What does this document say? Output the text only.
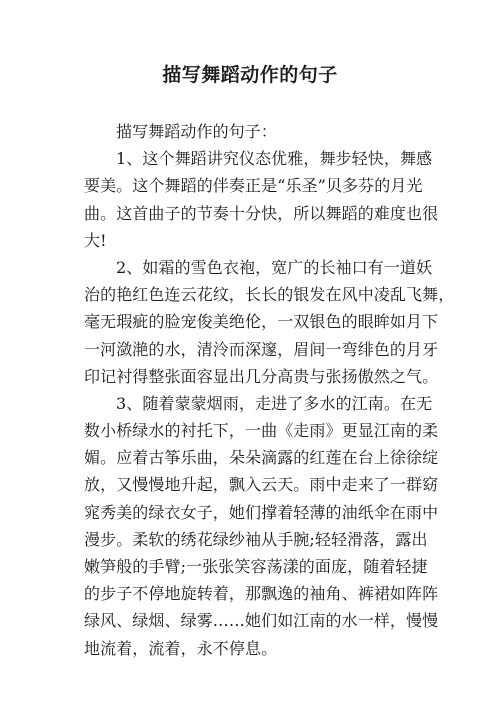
描写舞蹈动作的句子
描写舞蹈动作的句子：
1、这个舞蹈讲究仪态优雅，舞步轻快，舞感
要美。这个舞蹈的伴奏正是“乐圣”贝多芬的月光
曲。这首曲子的节奏十分快，所以舞蹈的难度也很
大!
2、如霜的雪色衣袍，宽广的长袖口有一道妖
治的艳红色连云花纹，长长的银发在风中凌乱飞舞，
毫无瑕疵的脸宠俊美绝伦，一双银色的眼眸如月下
一河潋滟的水，清泠而深邃，眉间一弯绯色的月牙
印记衬得整张面容显出几分高贵与张扬傲然之气。
3、随着蒙蒙烟雨，走进了多水的江南。在无
数小桥绿水的衬托下，一曲《走雨》更显江南的柔
媚。应着古筝乐曲，朵朵滴露的红莲在台上徐徐绽
放，又慢慢地升起，飘入云天。雨中走来了一群窈
窕秀美的绿衣女子，她们撑着轻薄的油纸伞在雨中
漫步。柔软的绣花绿纱袖从手腕;轻轻滑落，露出
嫩笋般的手臂;一张张笑容荡漾的面庞，随着轻捷
的步子不停地旋转着，那飘逸的袖角、裤裙如阵阵
绿风、绿烟、绿雾……她们如江南的水一样，慢慢
地流着，流着，永不停息。
